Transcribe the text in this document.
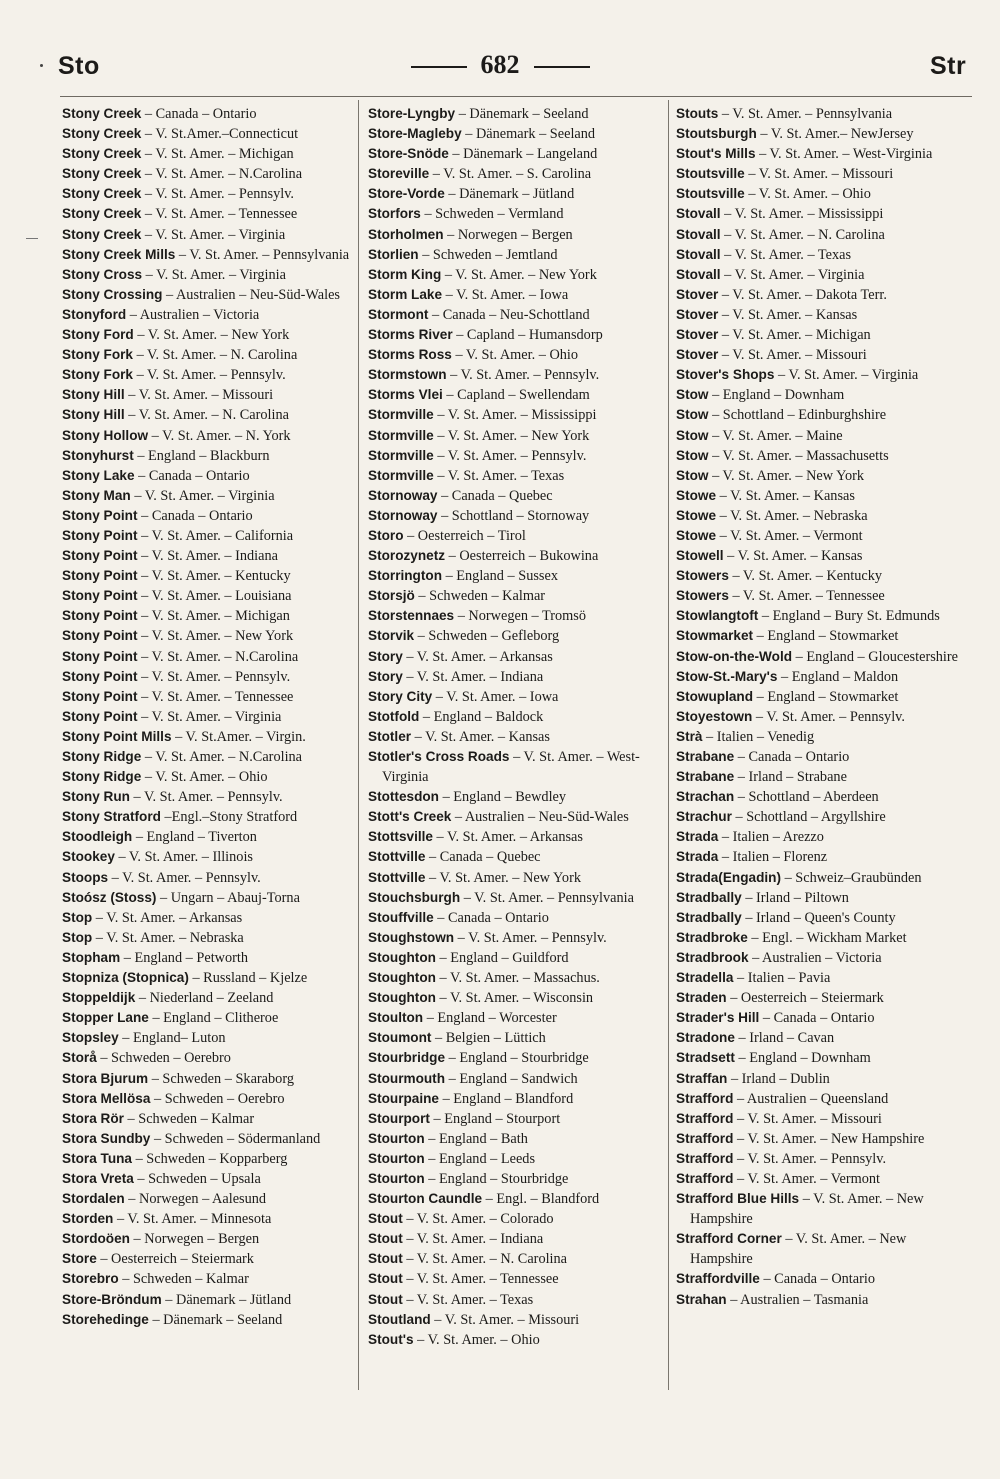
Sto	682	Str
Stony Creek – Canada – Ontario
Stony Creek – V. St.Amer.–Connecticut
Stony Creek – V. St. Amer. – Michigan
Stony Creek – V. St. Amer. – N.Carolina
Stony Creek – V. St. Amer. – Pennsylv.
Stony Creek – V. St. Amer. – Tennessee
Stony Creek – V. St. Amer. – Virginia
Stony Creek Mills – V. St. Amer. – Pennsylvania
Stony Cross – V. St. Amer. – Virginia
Stony Crossing – Australien – Neu-Süd-Wales
Stonyford – Australien – Victoria
Stony Ford – V. St. Amer. – New York
Stony Fork – V. St. Amer. – N. Carolina
Stony Fork – V. St. Amer. – Pennsylv.
Stony Hill – V. St. Amer. – Missouri
Stony Hill – V. St. Amer. – N. Carolina
Stony Hollow – V. St. Amer. – N. York
Stonyhurst – England – Blackburn
Stony Lake – Canada – Ontario
Stony Man – V. St. Amer. – Virginia
Stony Point – Canada – Ontario
Stony Point – V. St. Amer. – California
Stony Point – V. St. Amer. – Indiana
Stony Point – V. St. Amer. – Kentucky
Stony Point – V. St. Amer. – Louisiana
Stony Point – V. St. Amer. – Michigan
Stony Point – V. St. Amer. – New York
Stony Point – V. St. Amer. – N.Carolina
Stony Point – V. St. Amer. – Pennsylv.
Stony Point – V. St. Amer. – Tennessee
Stony Point – V. St. Amer. – Virginia
Stony Point Mills – V. St.Amer. – Virgin.
Stony Ridge – V. St. Amer. – N.Carolina
Stony Ridge – V. St. Amer. – Ohio
Stony Run – V. St. Amer. – Pennsylv.
Stony Stratford –Engl.–Stony Stratford
Stoodleigh – England – Tiverton
Stookey – V. St. Amer. – Illinois
Stoops – V. St. Amer. – Pennsylv.
Stoósz (Stoss) – Ungarn – Abauj-Torna
Stop – V. St. Amer. – Arkansas
Stop – V. St. Amer. – Nebraska
Stopham – England – Petworth
Stopniza (Stopnica) – Russland – Kjelze
Stoppeldijk – Niederland – Zeeland
Stopper Lane – England – Clitheroe
Stopsley – England– Luton
Storå – Schweden – Oerebro
Stora Bjurum – Schweden – Skaraborg
Stora Mellösa – Schweden – Oerebro
Stora Rör – Schweden – Kalmar
Stora Sundby – Schweden – Södermanland
Stora Tuna – Schweden – Kopparberg
Stora Vreta – Schweden – Upsala
Stordalen – Norwegen – Aalesund
Storden – V. St. Amer. – Minnesota
Stordoöen – Norwegen – Bergen
Store – Oesterreich – Steiermark
Storebro – Schweden – Kalmar
Store-Bröndum – Dänemark – Jütland
Storehedinge – Dänemark – Seeland
Store-Lyngby – Dänemark – Seeland
Store-Magleby – Dänemark – Seeland
Store-Snöde – Dänemark – Langeland
Storeville – V. St. Amer. – S. Carolina
Store-Vorde – Dänemark – Jütland
Storfors – Schweden – Vermland
Storholmen – Norwegen – Bergen
Storlien – Schweden – Jemtland
Storm King – V. St. Amer. – New York
Storm Lake – V. St. Amer. – Iowa
Stormont – Canada – Neu-Schottland
Storms River – Capland – Humansdorp
Storms Ross – V. St. Amer. – Ohio
Stormstown – V. St. Amer. – Pennsylv.
Storms Vlei – Capland – Swellendam
Stormville – V. St. Amer. – Mississippi
Stormville – V. St. Amer. – New York
Stormville – V. St. Amer. – Pennsylv.
Stormville – V. St. Amer. – Texas
Stornoway – Canada – Quebec
Stornoway – Schottland – Stornoway
Storo – Oesterreich – Tirol
Storozynetz – Oesterreich – Bukowina
Storrington – England – Sussex
Storsjö – Schweden – Kalmar
Storstennaes – Norwegen – Tromsö
Storvik – Schweden – Gefleborg
Story – V. St. Amer. – Arkansas
Story – V. St. Amer. – Indiana
Story City – V. St. Amer. – Iowa
Stotfold – England – Baldock
Stotler – V. St. Amer. – Kansas
Stotler's Cross Roads – V. St. Amer. – West-Virginia
Stottesdon – England – Bewdley
Stott's Creek – Australien – Neu-Süd-Wales
Stottsville – V. St. Amer. – Arkansas
Stottville – Canada – Quebec
Stottville – V. St. Amer. – New York
Stouchsburgh – V. St. Amer. – Pennsylvania
Stouffville – Canada – Ontario
Stoughstown – V. St. Amer. – Pennsylv.
Stoughton – England – Guildford
Stoughton – V. St. Amer. – Massachus.
Stoughton – V. St. Amer. – Wisconsin
Stoulton – England – Worcester
Stoumont – Belgien – Lüttich
Stourbridge – England – Stourbridge
Stourmouth – England – Sandwich
Stourpaine – England – Blandford
Stourport – England – Stourport
Stourton – England – Bath
Stourton – England – Leeds
Stourton – England – Stourbridge
Stourton Caundle – Engl. – Blandford
Stout – V. St. Amer. – Colorado
Stout – V. St. Amer. – Indiana
Stout – V. St. Amer. – N. Carolina
Stout – V. St. Amer. – Tennessee
Stout – V. St. Amer. – Texas
Stoutland – V. St. Amer. – Missouri
Stout's – V. St. Amer. – Ohio
Stouts – V. St. Amer. – Pennsylvania
Stoutsburgh – V. St. Amer.– NewJersey
Stout's Mills – V. St. Amer. – West-Virginia
Stoutsville – V. St. Amer. – Missouri
Stoutsville – V. St. Amer. – Ohio
Stovall – V. St. Amer. – Mississippi
Stovall – V. St. Amer. – N. Carolina
Stovall – V. St. Amer. – Texas
Stovall – V. St. Amer. – Virginia
Stover – V. St. Amer. – Dakota Terr.
Stover – V. St. Amer. – Kansas
Stover – V. St. Amer. – Michigan
Stover – V. St. Amer. – Missouri
Stover's Shops – V. St. Amer. – Virginia
Stow – England – Downham
Stow – Schottland – Edinburghshire
Stow – V. St. Amer. – Maine
Stow – V. St. Amer. – Massachusetts
Stow – V. St. Amer. – New York
Stowe – V. St. Amer. – Kansas
Stowe – V. St. Amer. – Nebraska
Stowe – V. St. Amer. – Vermont
Stowell – V. St. Amer. – Kansas
Stowers – V. St. Amer. – Kentucky
Stowers – V. St. Amer. – Tennessee
Stowlangtoft – England – Bury St. Edmunds
Stowmarket – England – Stowmarket
Stow-on-the-Wold – England – Gloucestershire
Stow-St.-Mary's – England – Maldon
Stowupland – England – Stowmarket
Stoyestown – V. St. Amer. – Pennsylv.
Strà – Italien – Venedig
Strabane – Canada – Ontario
Strabane – Irland – Strabane
Strachan – Schottland – Aberdeen
Strachur – Schottland – Argyllshire
Strada – Italien – Arezzo
Strada – Italien – Florenz
Strada(Engadin) – Schweiz–Graubünden
Stradbally – Irland – Piltown
Stradbally – Irland – Queen's County
Stradbroke – Engl. – Wickham Market
Stradbrook – Australien – Victoria
Stradella – Italien – Pavia
Straden – Oesterreich – Steiermark
Strader's Hill – Canada – Ontario
Stradone – Irland – Cavan
Stradsett – England – Downham
Straffan – Irland – Dublin
Strafford – Australien – Queensland
Strafford – V. St. Amer. – Missouri
Strafford – V. St. Amer. – New Hampshire
Strafford – V. St. Amer. – Pennsylv.
Strafford – V. St. Amer. – Vermont
Strafford Blue Hills – V. St. Amer. – New Hampshire
Strafford Corner – V. St. Amer. – New Hampshire
Straffordville – Canada – Ontario
Strahan – Australien – Tasmania
